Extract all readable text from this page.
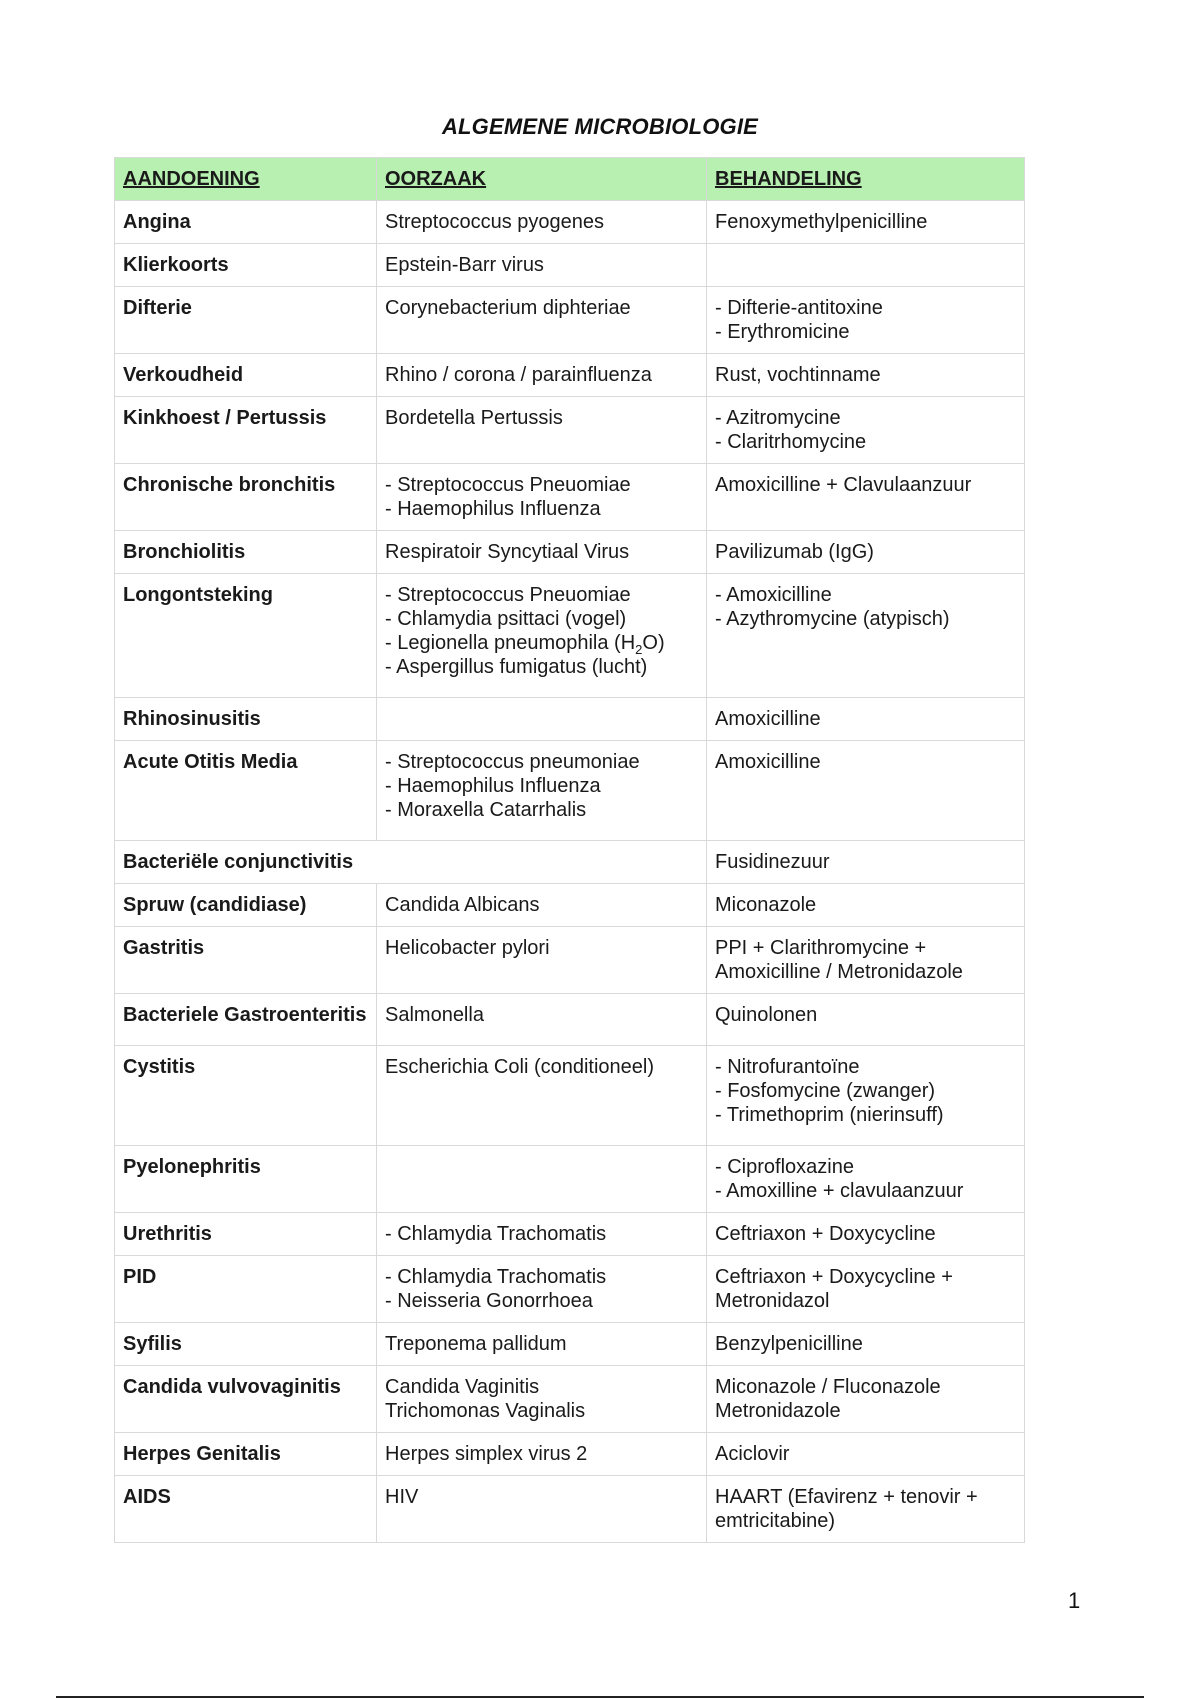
ALGEMENE MICROBIOLOGIE
AANDOENING	OORZAAK	BEHANDELING
Angina	Streptococcus pyogenes	Fenoxymethylpenicilline

Klierkoorts	Epstein-Barr virus	

Difterie	Corynebacterium diphteriae	- Difterie-antitoxine
- Erythromicine

Verkoudheid	Rhino / corona / parainfluenza	Rust, vochtinname

Kinkhoest / Pertussis	Bordetella Pertussis	- Azitromycine
- Claritrhomycine

Chronische bronchitis	- Streptococcus Pneuomiae
- Haemophilus Influenza	Amoxicilline + Clavulaanzuur

Bronchiolitis	Respiratoir Syncytiaal Virus	Pavilizumab (IgG)

Longontsteking	- Streptococcus Pneuomiae
- Chlamydia psittaci (vogel)
- Legionella pneumophila $(H_2O)$
- Aspergillus fumigatus (lucht)	- Amoxicilline
- Azythromycine (atypisch)

Rhinosinusitis		Amoxicilline

Acute Otitis Media	- Streptococcus pneumoniae
- Haemophilus Influenza
- Moraxella Catarrhalis	Amoxicilline

Bacteriële conjunctivitis		Fusidinezuur

Spruw (candidiase)	Candida Albicans	Miconazole

Gastritis	Helicobacter pylori	PPI + Clarithromycine +
Amoxicilline / Metronidazole

Bacteriele Gastroenteritis	Salmonella	Quinolonen

Cystitis	Escherichia Coli (conditioneel)	- Nitrofurantoïne
- Fosfomycine (zwanger)
- Trimethoprim (nierinsuff)

Pyelonephritis		- Ciprofloxazine
- Amoxilline + clavulaanzuur

Urethritis	- Chlamydia Trachomatis	Ceftriaxon + Doxycycline

PID	- Chlamydia Trachomatis
- Neisseria Gonorrhoea	Ceftriaxon + Doxycycline +
Metronidazol

Syfilis	Treponema pallidum	Benzylpenicilline

Candida vulvovaginitis	Candida Vaginitis
Trichomonas Vaginalis	Miconazole / Fluconazole
Metronidazole

Herpes Genitalis	Herpes simplex virus 2	Aciclovir

AIDS	HIV	HAART (Efavirenz + tenovir +
emtricitabine)
1
